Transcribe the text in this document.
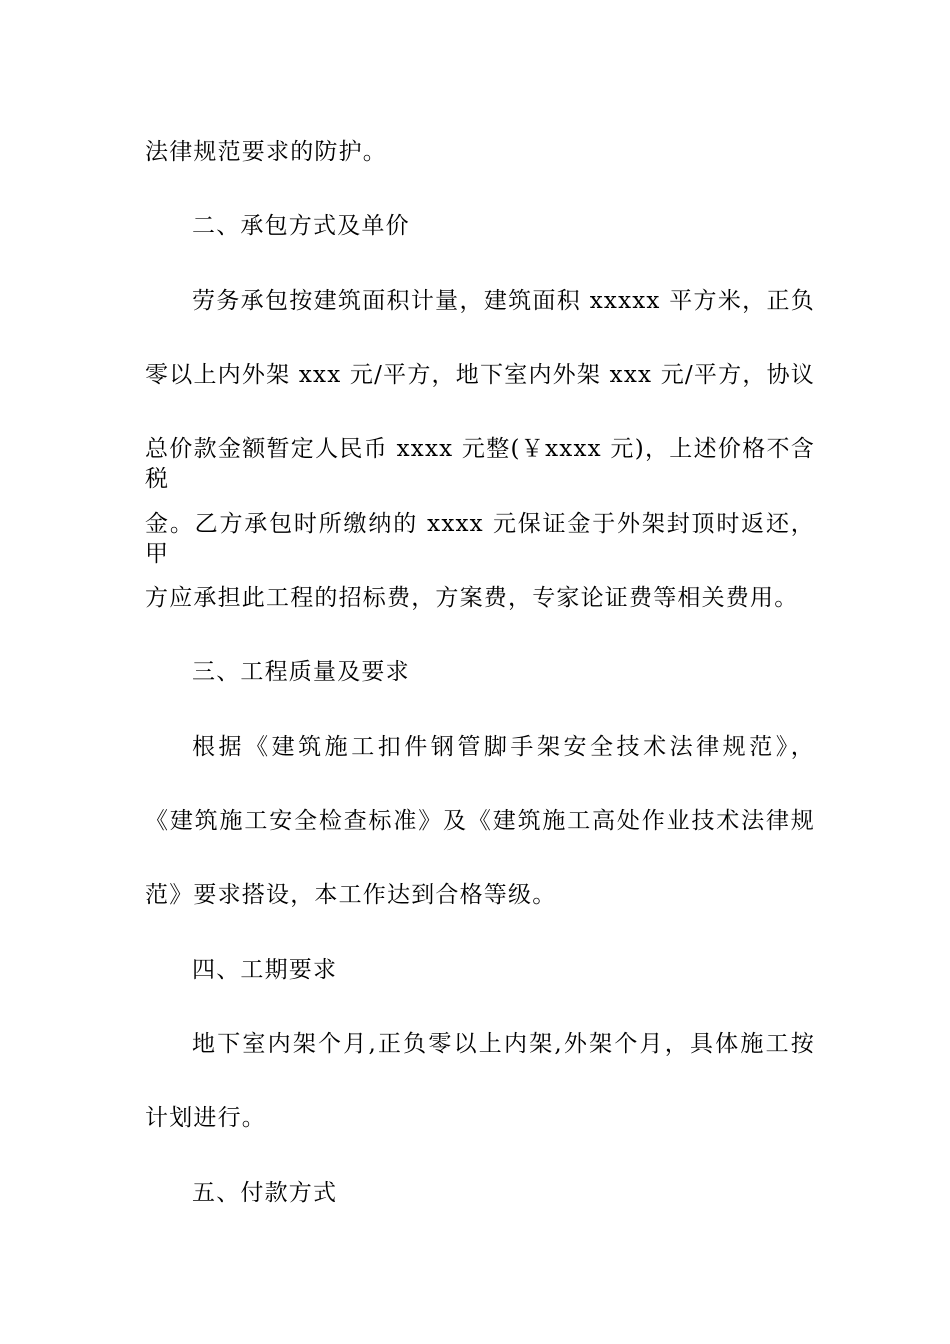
法律规范要求的防护。
二、承包方式及单价
劳务承包按建筑面积计量，建筑面积 xxxxx 平方米，正负
零以上内外架 xxx 元/平方，地下室内外架 xxx 元/平方，协议
总价款金额暂定人民币 xxxx 元整(￥xxxx 元)，上述价格不含税
金。乙方承包时所缴纳的 xxxx 元保证金于外架封顶时返还，甲
方应承担此工程的招标费，方案费，专家论证费等相关费用。
三、工程质量及要求
根据《建筑施工扣件钢管脚手架安全技术法律规范》，
《建筑施工安全检查标准》及《建筑施工高处作业技术法律规
范》要求搭设，本工作达到合格等级。
四、工期要求
地下室内架个月,正负零以上内架,外架个月，具体施工按
计划进行。
五、付款方式
